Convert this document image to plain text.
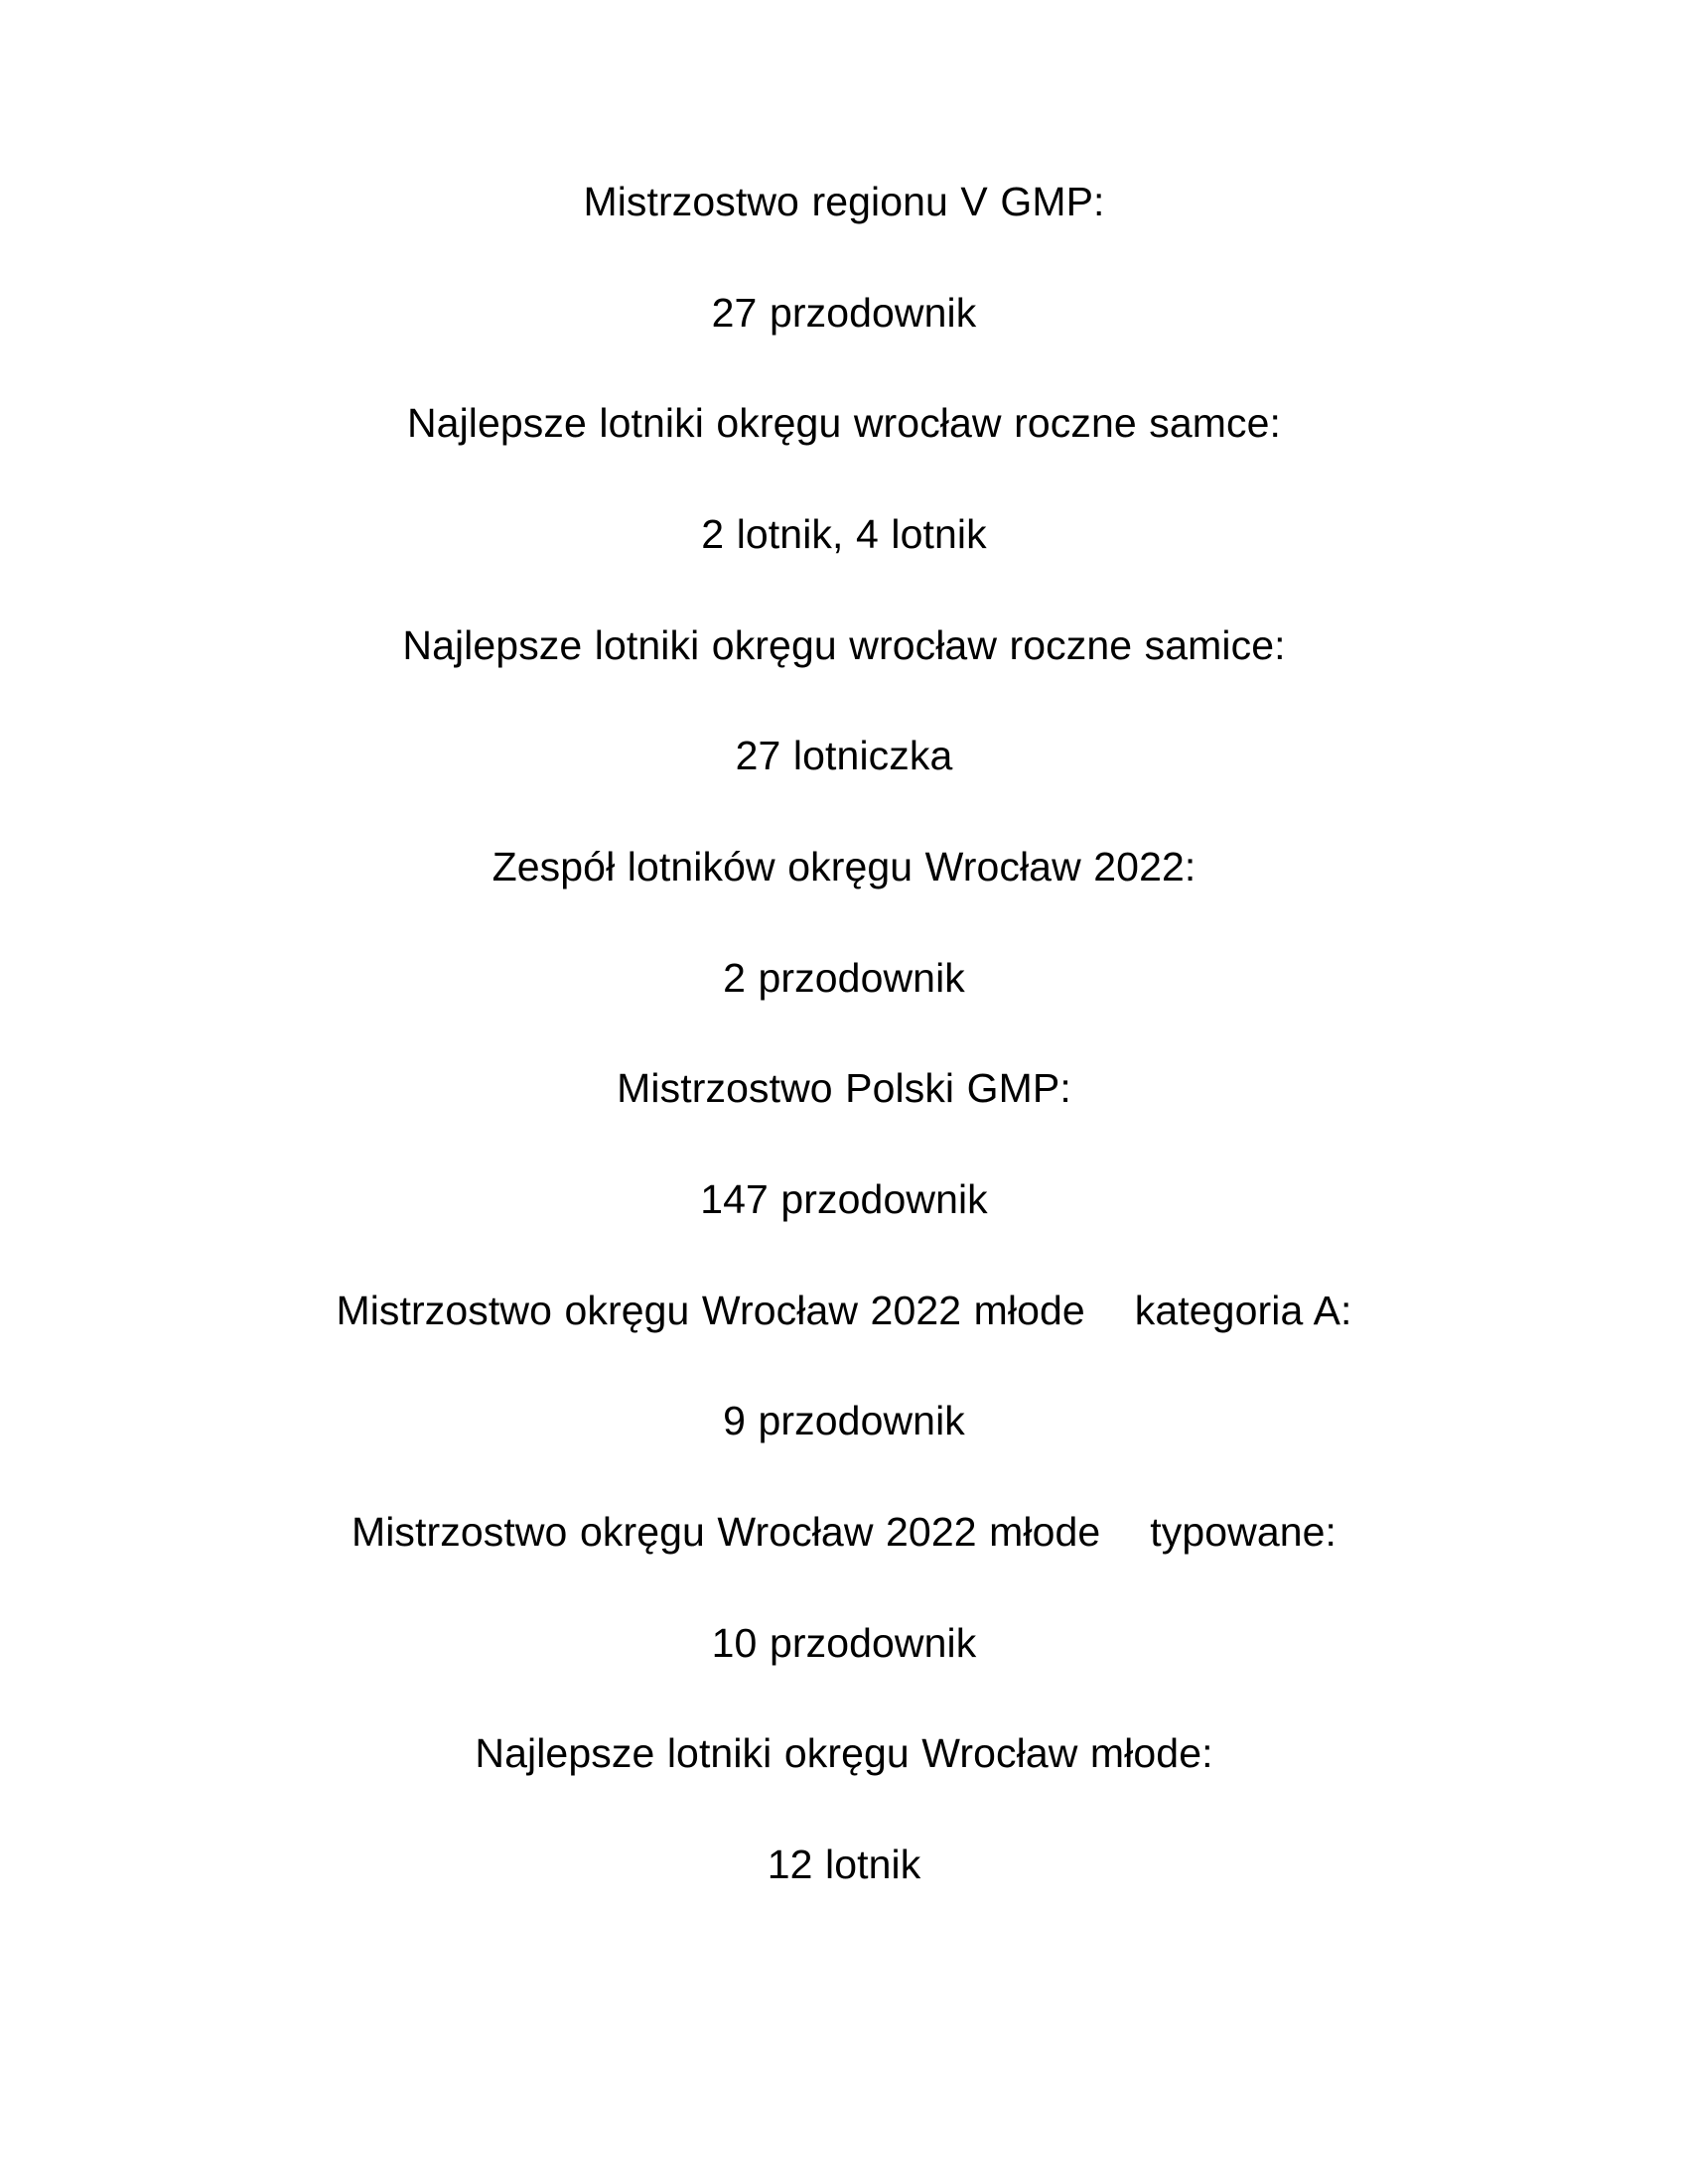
Mistrzostwo regionu V GMP:

27 przodownik

Najlepsze lotniki okręgu wrocław roczne samce:

2 lotnik, 4 lotnik

Najlepsze lotniki okręgu wrocław roczne samice:

27 lotniczka

Zespół lotników okręgu Wrocław 2022:

2 przodownik

Mistrzostwo Polski GMP:

147 przodownik

Mistrzostwo okręgu Wrocław 2022 młode    kategoria A:

9 przodownik

Mistrzostwo okręgu Wrocław 2022 młode    typowane:

10 przodownik

Najlepsze lotniki okręgu Wrocław młode:

12 lotnik
